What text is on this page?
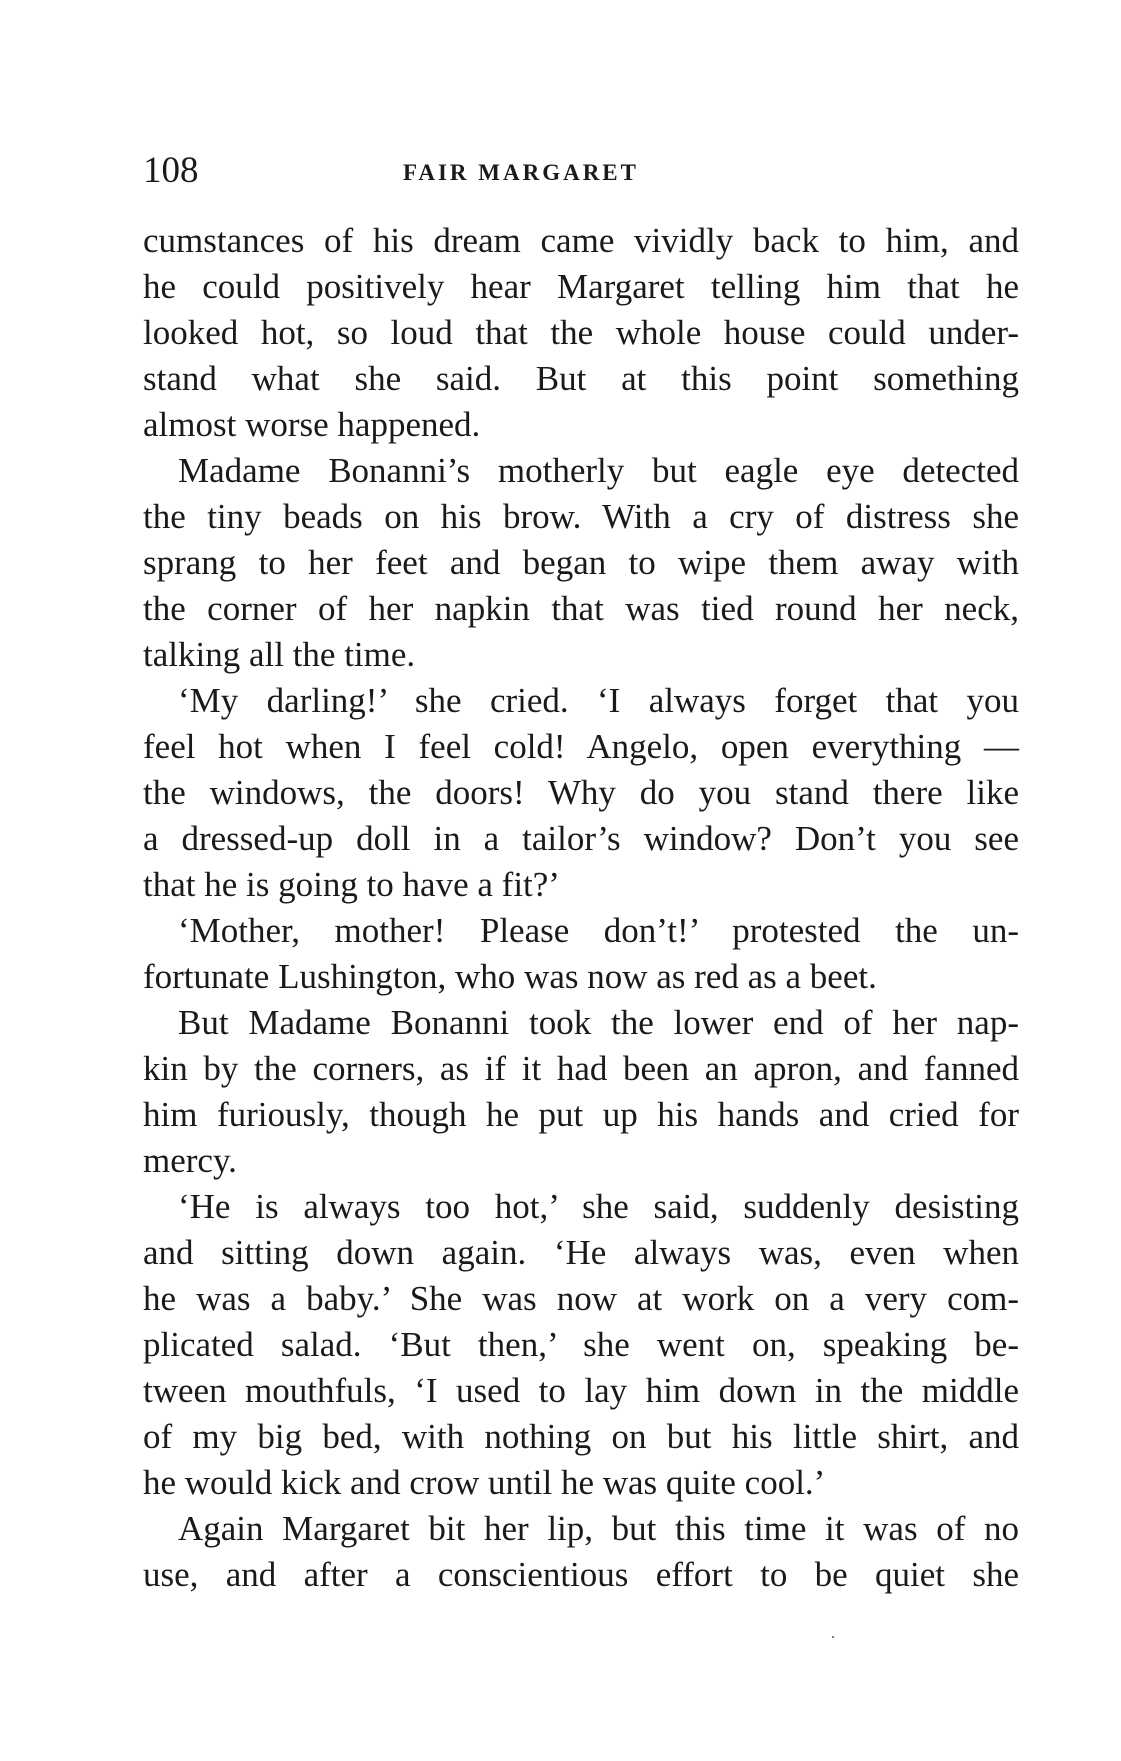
108	FAIR MARGARET
cumstances of his dream came vividly back to him, and
he could positively hear Margaret telling him that he
looked hot, so loud that the whole house could under-
stand what she said. But at this point something
almost worse happened.
Madame Bonanni’s motherly but eagle eye detected
the tiny beads on his brow. With a cry of distress she
sprang to her feet and began to wipe them away with
the corner of her napkin that was tied round her neck,
talking all the time.
‘My darling!’ she cried. ‘I always forget that you
feel hot when I feel cold! Angelo, open everything —
the windows, the doors! Why do you stand there like
a dressed-up doll in a tailor’s window? Don’t you see
that he is going to have a fit?’
‘Mother, mother! Please don’t!’ protested the un-
fortunate Lushington, who was now as red as a beet.
But Madame Bonanni took the lower end of her nap-
kin by the corners, as if it had been an apron, and fanned
him furiously, though he put up his hands and cried for
mercy.
‘He is always too hot,’ she said, suddenly desisting
and sitting down again. ‘He always was, even when
he was a baby.’ She was now at work on a very com-
plicated salad. ‘But then,’ she went on, speaking be-
tween mouthfuls, ‘I used to lay him down in the middle
of my big bed, with nothing on but his little shirt, and
he would kick and crow until he was quite cool.’
Again Margaret bit her lip, but this time it was of no
use, and after a conscientious effort to be quiet she
